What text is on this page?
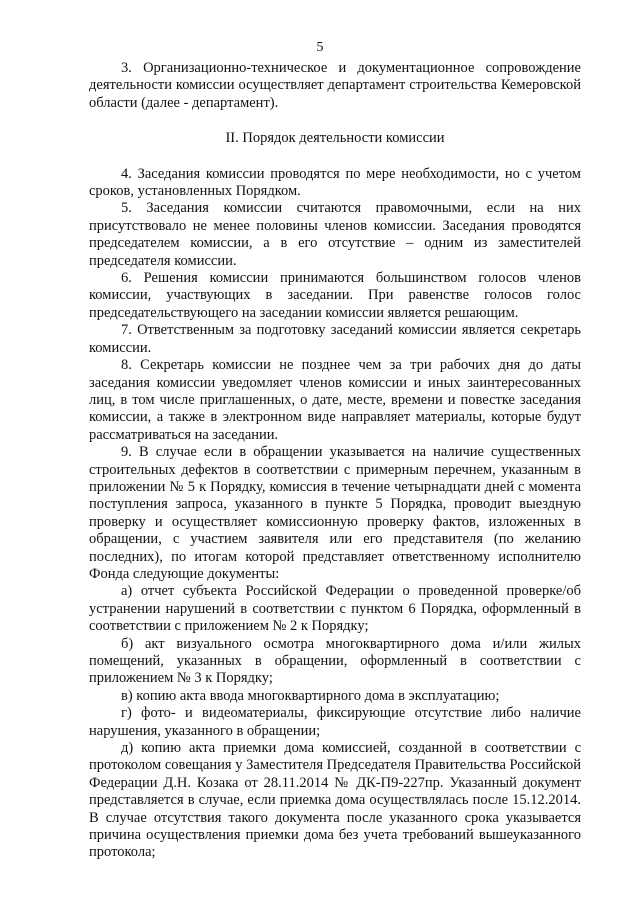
5

3. Организационно-техническое и документационное сопровождение деятельности комиссии осуществляет департамент строительства Кемеровской области (далее - департамент).

II. Порядок деятельности комиссии

4. Заседания комиссии проводятся по мере необходимости, но с учетом сроков, установленных Порядком.

5. Заседания комиссии считаются правомочными, если на них присутствовало не менее половины членов комиссии. Заседания проводятся председателем комиссии, а в его отсутствие – одним из заместителей председателя комиссии.

6. Решения комиссии принимаются большинством голосов членов комиссии, участвующих в заседании. При равенстве голосов голос председательствующего на заседании комиссии является решающим.

7. Ответственным за подготовку заседаний комиссии является секретарь комиссии.

8. Секретарь комиссии не позднее чем за три рабочих дня до даты заседания комиссии уведомляет членов комиссии и иных заинтересованных лиц, в том числе приглашенных, о дате, месте, времени и повестке заседания комиссии, а также в электронном виде направляет материалы, которые будут рассматриваться на заседании.

9. В случае если в обращении указывается на наличие существенных строительных дефектов в соответствии с примерным перечнем, указанным в приложении № 5 к Порядку, комиссия в течение четырнадцати дней с момента поступления запроса, указанного в пункте 5 Порядка, проводит выездную проверку и осуществляет комиссионную проверку фактов, изложенных в обращении, с участием заявителя или его представителя (по желанию последних), по итогам которой представляет ответственному исполнителю Фонда следующие документы:

а) отчет субъекта Российской Федерации о проведенной проверке/об устранении нарушений в соответствии с пунктом 6 Порядка, оформленный в соответствии с приложением № 2 к Порядку;

б) акт визуального осмотра многоквартирного дома и/или жилых помещений, указанных в обращении, оформленный в соответствии с приложением № 3 к Порядку;

в) копию акта ввода многоквартирного дома в эксплуатацию;

г) фото- и видеоматериалы, фиксирующие отсутствие либо наличие нарушения, указанного в обращении;

д) копию акта приемки дома комиссией, созданной в соответствии с протоколом совещания у Заместителя Председателя Правительства Российской Федерации Д.Н. Козака от 28.11.2014 № ДК-П9-227пр. Указанный документ представляется в случае, если приемка дома осуществлялась после 15.12.2014. В случае отсутствия такого документа после указанного срока указывается причина осуществления приемки дома без учета требований вышеуказанного протокола;
